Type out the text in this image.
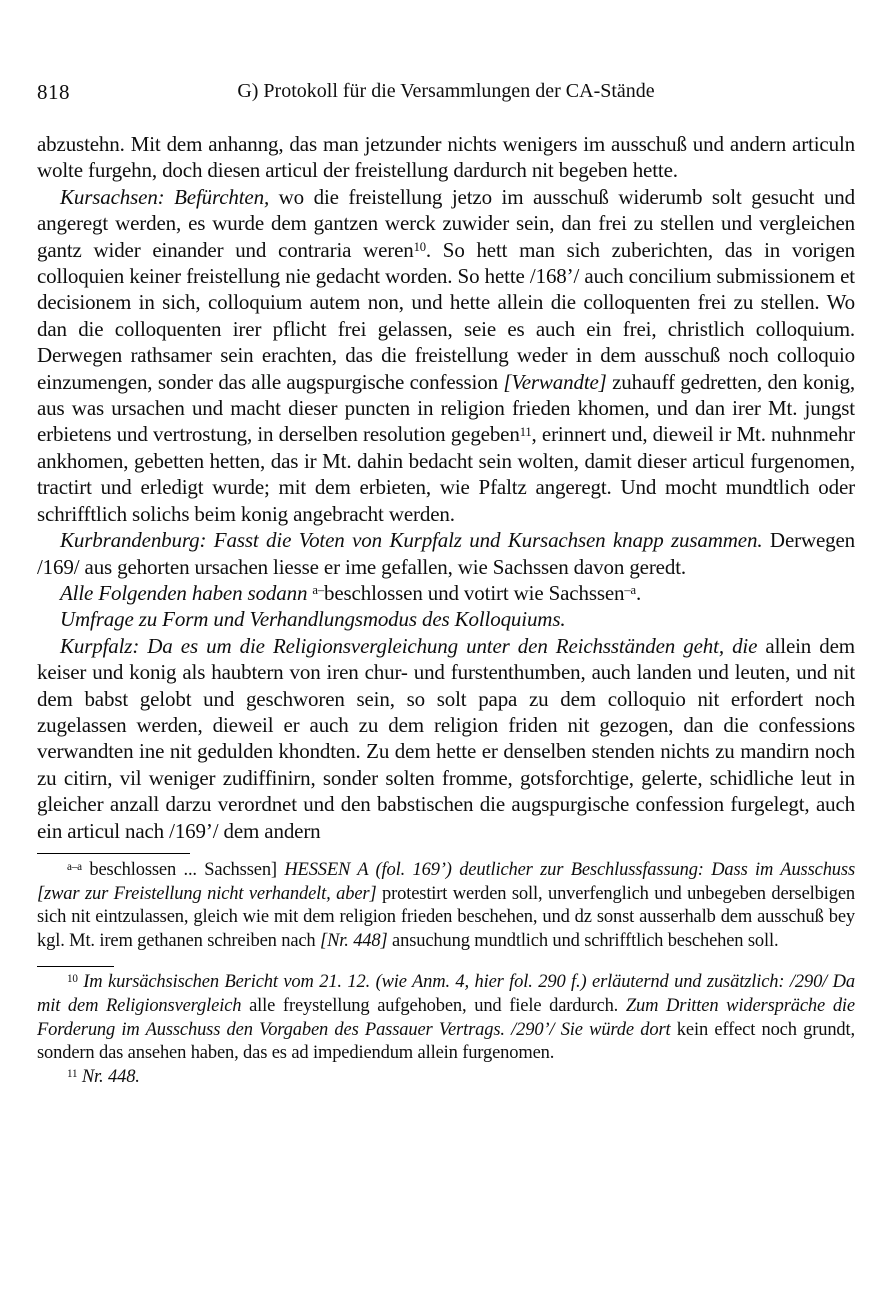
818	G) Protokoll für die Versammlungen der CA-Stände

abzustehn. Mit dem anhanng, das man jetzunder nichts wenigers im ausschuß und andern articuln wolte furgehn, doch diesen articul der freistellung dardurch nit begeben hette.

Kursachsen: Befürchten, wo die freistellung jetzo im ausschuß widerumb solt gesucht und angeregt werden, es wurde dem gantzen werck zuwider sein, dan frei zu stellen und vergleichen gantz wider einander und contraria weren$^{10}$. So hett man sich zuberichten, das in vorigen colloquien keiner freistellung nie gedacht worden. So hette /168’/ auch concilium submissionem et decisionem in sich, colloquium autem non, und hette allein die colloquenten frei zu stellen. Wo dan die colloquenten irer pflicht frei gelassen, seie es auch ein frei, christlich colloquium. Derwegen rathsamer sein erachten, das die freistellung weder in dem ausschuß noch colloquio einzumengen, sonder das alle augspurgische confession [Verwandte] zuhauff gedretten, den konig, aus was ursachen und macht dieser puncten in religion frieden khomen, und dan irer Mt. jungst erbietens und vertrostung, in derselben resolution gegeben$^{11}$, erinnert und, dieweil ir Mt. nuhnmehr ankhomen, gebetten hetten, das ir Mt. dahin bedacht sein wolten, damit dieser articul furgenomen, tractirt und erledigt wurde; mit dem erbieten, wie Pfaltz angeregt. Und mocht mundtlich oder schrifftlich solichs beim konig angebracht werden.

Kurbrandenburg: Fasst die Voten von Kurpfalz und Kursachsen knapp zusammen. Derwegen /169/ aus gehorten ursachen liesse er ime gefallen, wie Sachssen davon geredt.

Alle Folgenden haben sodann $^{a-}$beschlossen und votirt wie Sachssen$^{-a}$.

Umfrage zu Form und Verhandlungsmodus des Kolloquiums.

Kurpfalz: Da es um die Religionsvergleichung unter den Reichsständen geht, die allein dem keiser und konig als haubtern von iren chur- und furstenthumben, auch landen und leuten, und nit dem babst gelobt und geschworen sein, so solt papa zu dem colloquio nit erfordert noch zugelassen werden, dieweil er auch zu dem religion friden nit gezogen, dan die confessions verwandten ine nit gedulden khondten. Zu dem hette er denselben stenden nichts zu mandirn noch zu citirn, vil weniger zudiffinirn, sonder solten fromme, gotsforchtige, gelerte, schidliche leut in gleicher anzall darzu verordnet und den babstischen die augspurgische confession furgelegt, auch ein articul nach /169’/ dem andern

$^{a-a}$ beschlossen ... Sachssen] HESSEN A (fol. 169’) deutlicher zur Beschlussfassung: Dass im Ausschuss [zwar zur Freistellung nicht verhandelt, aber] protestirt werden soll, unverfenglich und unbegeben derselbigen sich nit eintzulassen, gleich wie mit dem religion frieden beschehen, und dz sonst ausserhalb dem ausschuß bey kgl. Mt. irem gethanen schreiben nach [Nr. 448] ansuchung mundtlich und schrifftlich beschehen soll.

$^{10}$ Im kursächsischen Bericht vom 21. 12. (wie Anm. 4, hier fol. 290 f.) erläuternd und zusätzlich: /290/ Da mit dem Religionsvergleich alle freystellung aufgehoben, und fiele dardurch. Zum Dritten widerspräche die Forderung im Ausschuss den Vorgaben des Passauer Vertrags. /290’/ Sie würde dort kein effect noch grundt, sondern das ansehen haben, das es ad impediendum allein furgenomen.

$^{11}$ Nr. 448.
